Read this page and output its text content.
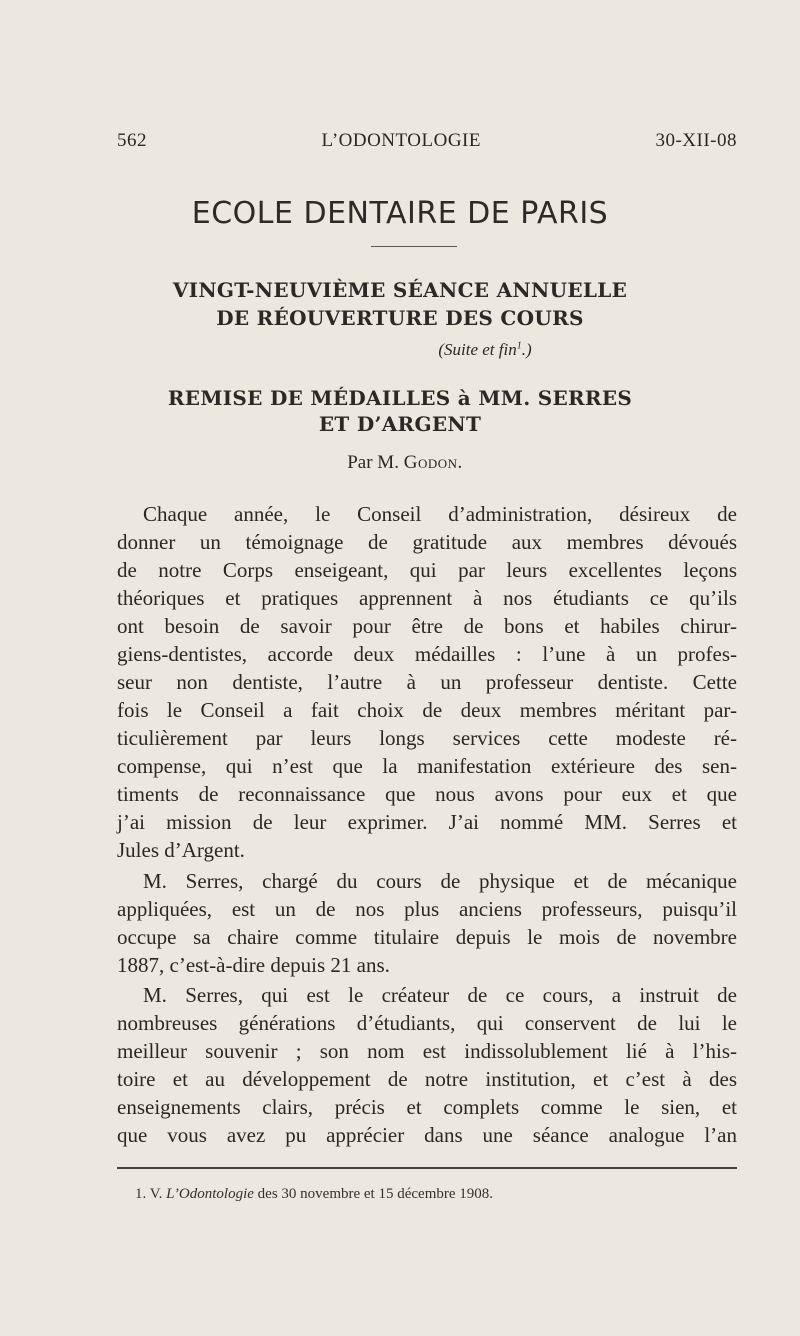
562	L’ODONTOLOGIE	30-XII-08
ECOLE DENTAIRE DE PARIS
VINGT-NEUVIÈME SÉANCE ANNUELLE
DE RÉOUVERTURE DES COURS
(Suite et fin$^1$.)
REMISE DE MÉDAILLES à MM. SERRES
ET D’ARGENT
Par M. Godon.
Chaque année, le Conseil d’administration, désireux de
donner un témoignage de gratitude aux membres dévoués
de notre Corps enseigeant, qui par leurs excellentes leçons
théoriques et pratiques apprennent à nos étudiants ce qu’ils
ont besoin de savoir pour être de bons et habiles chirur-
giens-dentistes, accorde deux médailles : l’une à un profes-
seur non dentiste, l’autre à un professeur dentiste. Cette
fois le Conseil a fait choix de deux membres méritant par-
ticulièrement par leurs longs services cette modeste ré-
compense, qui n’est que la manifestation extérieure des sen-
timents de reconnaissance que nous avons pour eux et que
j’ai mission de leur exprimer. J’ai nommé MM. Serres et
Jules d’Argent.
M. Serres, chargé du cours de physique et de mécanique
appliquées, est un de nos plus anciens professeurs, puisqu’il
occupe sa chaire comme titulaire depuis le mois de novembre
1887, c’est-à-dire depuis 21 ans.
M. Serres, qui est le créateur de ce cours, a instruit de
nombreuses générations d’étudiants, qui conservent de lui le
meilleur souvenir ; son nom est indissolublement lié à l’his-
toire et au développement de notre institution, et c’est à des
enseignements clairs, précis et complets comme le sien, et
que vous avez pu apprécier dans une séance analogue l’an
1. V. L’Odontologie des 30 novembre et 15 décembre 1908.
